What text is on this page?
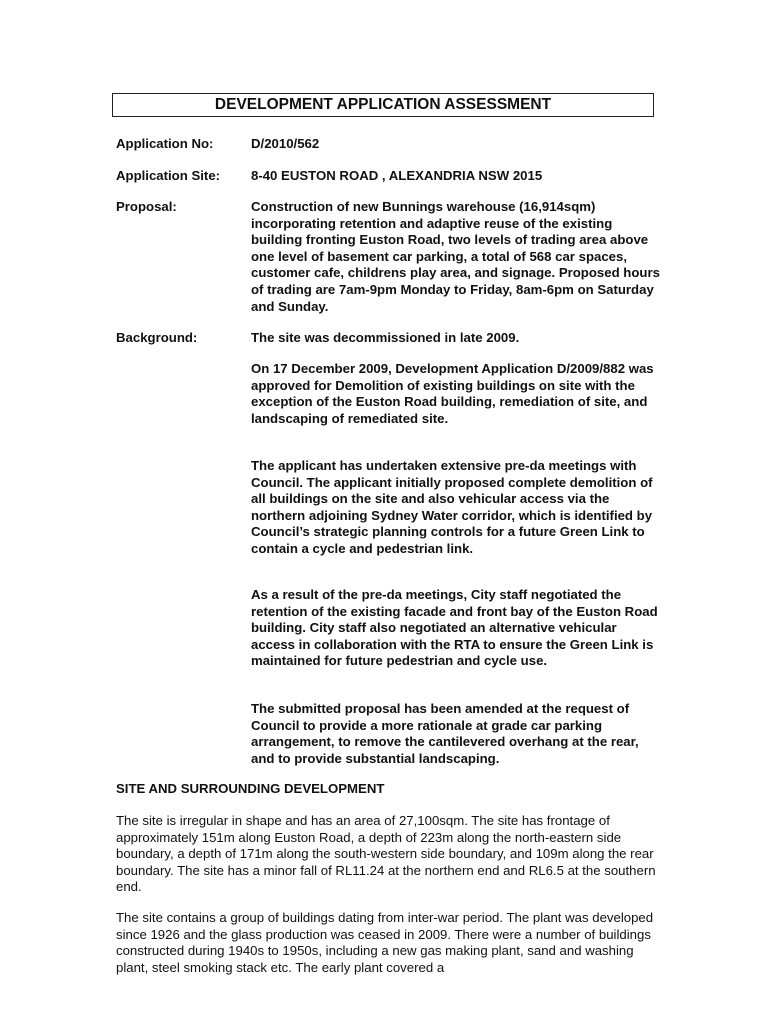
DEVELOPMENT APPLICATION ASSESSMENT
Application No:	D/2010/562
Application Site: 8-40 EUSTON ROAD , ALEXANDRIA NSW 2015
Proposal:	Construction of new Bunnings warehouse (16,914sqm) incorporating retention and adaptive reuse of the existing building fronting Euston Road, two levels of trading area above one level of basement car parking, a total of 568 car spaces, customer cafe, childrens play area, and signage. Proposed hours of trading are 7am-9pm Monday to Friday, 8am-6pm on Saturday and Sunday.
Background:	The site was decommissioned in late 2009.
On 17 December 2009, Development Application D/2009/882 was approved for Demolition of existing buildings on site with the exception of the Euston Road building, remediation of site, and landscaping of remediated site.
The applicant has undertaken extensive pre-da meetings with Council. The applicant initially proposed complete demolition of all buildings on the site and also vehicular access via the northern adjoining Sydney Water corridor, which is identified by Council’s strategic planning controls for a future Green Link to contain a cycle and pedestrian link.
As a result of the pre-da meetings, City staff negotiated the retention of the existing facade and front bay of the Euston Road building. City staff also negotiated an alternative vehicular access in collaboration with the RTA to ensure the Green Link is maintained for future pedestrian and cycle use.
The submitted proposal has been amended at the request of Council to provide a more rationale at grade car parking arrangement, to remove the cantilevered overhang at the rear, and to provide substantial landscaping.
SITE AND SURROUNDING DEVELOPMENT
The site is irregular in shape and has an area of 27,100sqm. The site has frontage of approximately 151m along Euston Road, a depth of 223m along the north-eastern side boundary, a depth of 171m along the south-western side boundary, and 109m along the rear boundary. The site has a minor fall of RL11.24 at the northern end and RL6.5 at the southern end.
The site contains a group of buildings dating from inter-war period. The plant was developed since 1926 and the glass production was ceased in 2009. There were a number of buildings constructed during 1940s to 1950s, including a new gas making plant, sand and washing plant, steel smoking stack etc. The early plant covered a
